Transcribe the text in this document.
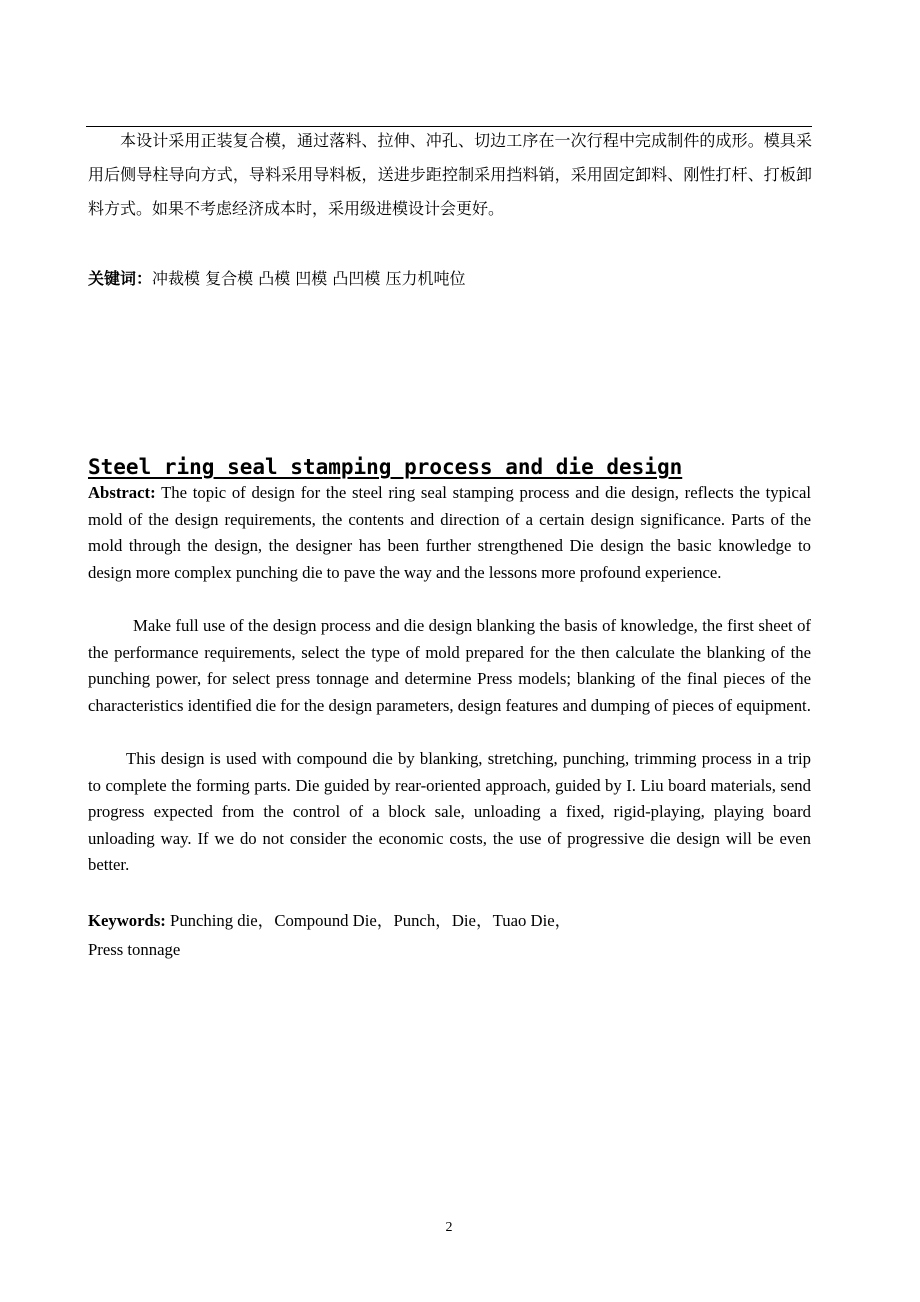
本设计采用正装复合模，通过落料、拉伸、冲孔、切边工序在一次行程中完成制件的成形。模具采用后侧导柱导向方式，导料采用导料板，送进步距控制采用挡料销，采用固定卸料、刚性打杆、打板卸料方式。如果不考虑经济成本时，采用级进模设计会更好。

关键词：冲裁模 复合模 凸模 凹模 凸凹模 压力机吨位

Steel ring seal stamping process and die design

Abstract: The topic of design for the steel ring seal stamping process and die design, reflects the typical mold of the design requirements, the contents and direction of a certain design significance. Parts of the mold through the design, the designer has been further strengthened Die design the basic knowledge to design more complex punching die to pave the way and the lessons more profound experience.

Make full use of the design process and die design blanking the basis of knowledge, the first sheet of the performance requirements, select the type of mold prepared for the then calculate the blanking of the punching power, for select press tonnage and determine Press models; blanking of the final pieces of the characteristics identified die for the design parameters, design features and dumping of pieces of equipment.

This design is used with compound die by blanking, stretching, punching, trimming process in a trip to complete the forming parts. Die guided by rear-oriented approach, guided by I. Liu board materials, send progress expected from the control of a block sale, unloading a fixed, rigid-playing, playing board unloading way. If we do not consider the economic costs, the use of progressive die design will be even better.

Keywords: Punching die，Compound Die，Punch，Die，Tuao Die，
Press tonnage

2
